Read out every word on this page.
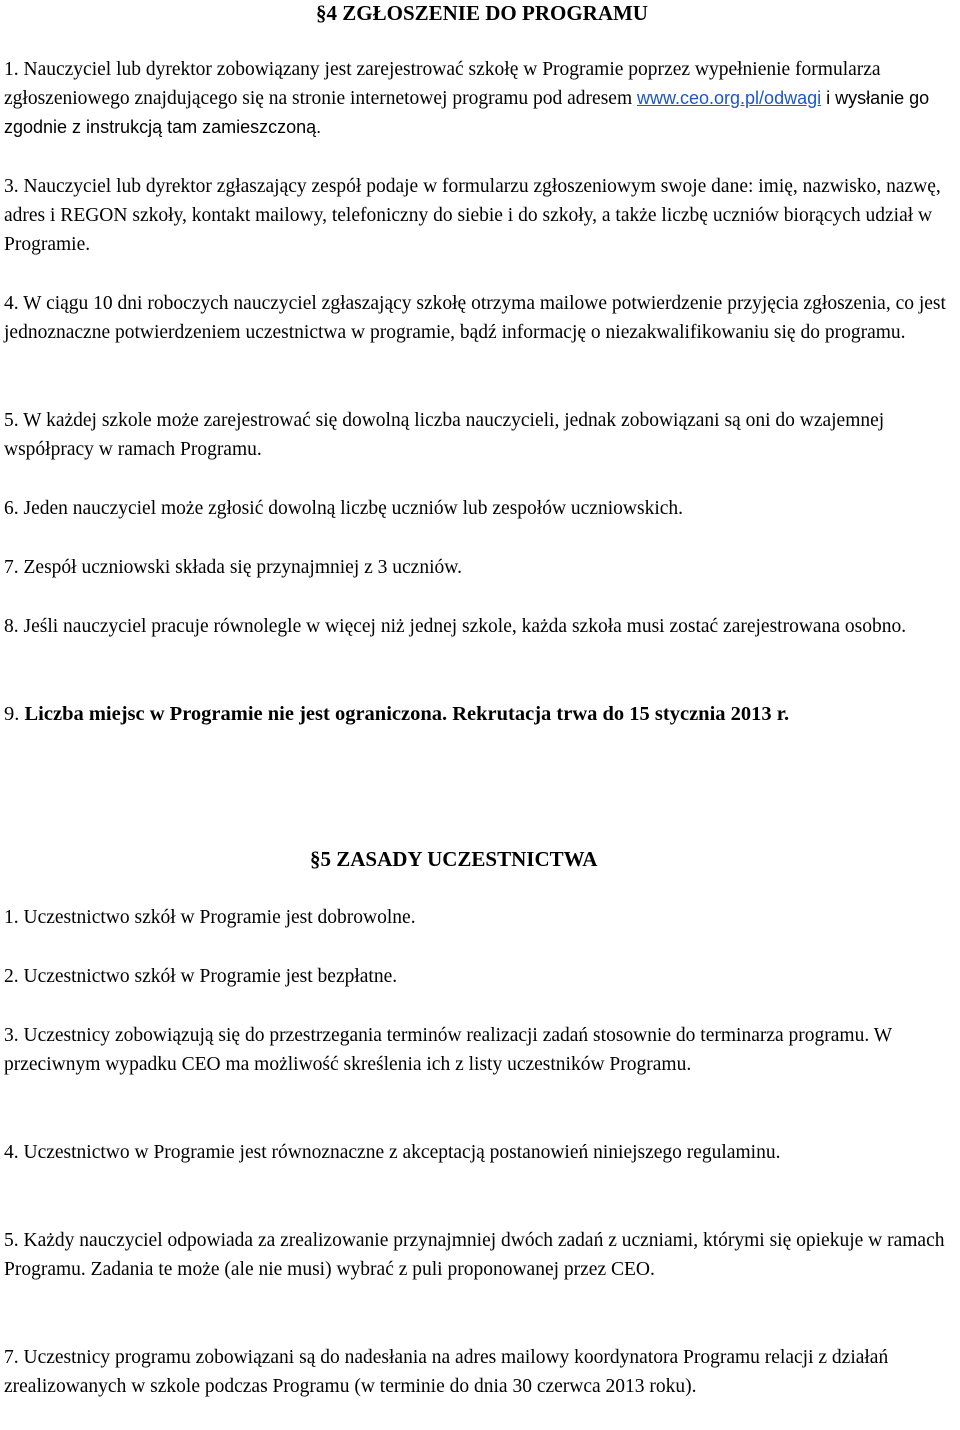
§4 ZGŁOSZENIE DO PROGRAMU

1. Nauczyciel lub dyrektor zobowiązany jest zarejestrować szkołę w Programie poprzez wypełnienie formularza zgłoszeniowego znajdującego się na stronie internetowej programu pod adresem www.ceo.org.pl/odwagi i wysłanie go zgodnie z instrukcją tam zamieszczoną.

3. Nauczyciel lub dyrektor zgłaszający zespół podaje w formularzu zgłoszeniowym swoje dane: imię, nazwisko, nazwę, adres i REGON szkoły, kontakt mailowy, telefoniczny do siebie i do szkoły, a także liczbę uczniów biorących udział w Programie.

4. W ciągu 10 dni roboczych nauczyciel zgłaszający szkołę otrzyma mailowe potwierdzenie przyjęcia zgłoszenia, co jest jednoznaczne potwierdzeniem uczestnictwa w programie, bądź informację o niezakwalifikowaniu się do programu.

5. W każdej szkole może zarejestrować się dowolną liczba nauczycieli, jednak zobowiązani są oni do wzajemnej współpracy w ramach Programu.

6. Jeden nauczyciel może zgłosić dowolną liczbę uczniów lub zespołów uczniowskich.

7. Zespół uczniowski składa się przynajmniej z 3 uczniów.

8. Jeśli nauczyciel pracuje równolegle w więcej niż jednej szkole, każda szkoła musi zostać zarejestrowana osobno.

9. Liczba miejsc w Programie nie jest ograniczona. Rekrutacja trwa do 15 stycznia 2013 r.

§5 ZASADY UCZESTNICTWA

1. Uczestnictwo szkół w Programie jest dobrowolne.

2. Uczestnictwo szkół w Programie jest bezpłatne.

3. Uczestnicy zobowiązują się do przestrzegania terminów realizacji zadań stosownie do terminarza programu. W przeciwnym wypadku CEO ma możliwość skreślenia ich z listy uczestników Programu.

4. Uczestnictwo w Programie jest równoznaczne z akceptacją postanowień niniejszego regulaminu.

5. Każdy nauczyciel odpowiada za zrealizowanie przynajmniej dwóch zadań z uczniami, którymi się opiekuje w ramach Programu. Zadania te może (ale nie musi) wybrać z puli proponowanej przez CEO.

7. Uczestnicy programu zobowiązani są do nadesłania na adres mailowy koordynatora Programu relacji z działań zrealizowanych w szkole podczas Programu (w terminie do dnia 30 czerwca 2013 roku).
